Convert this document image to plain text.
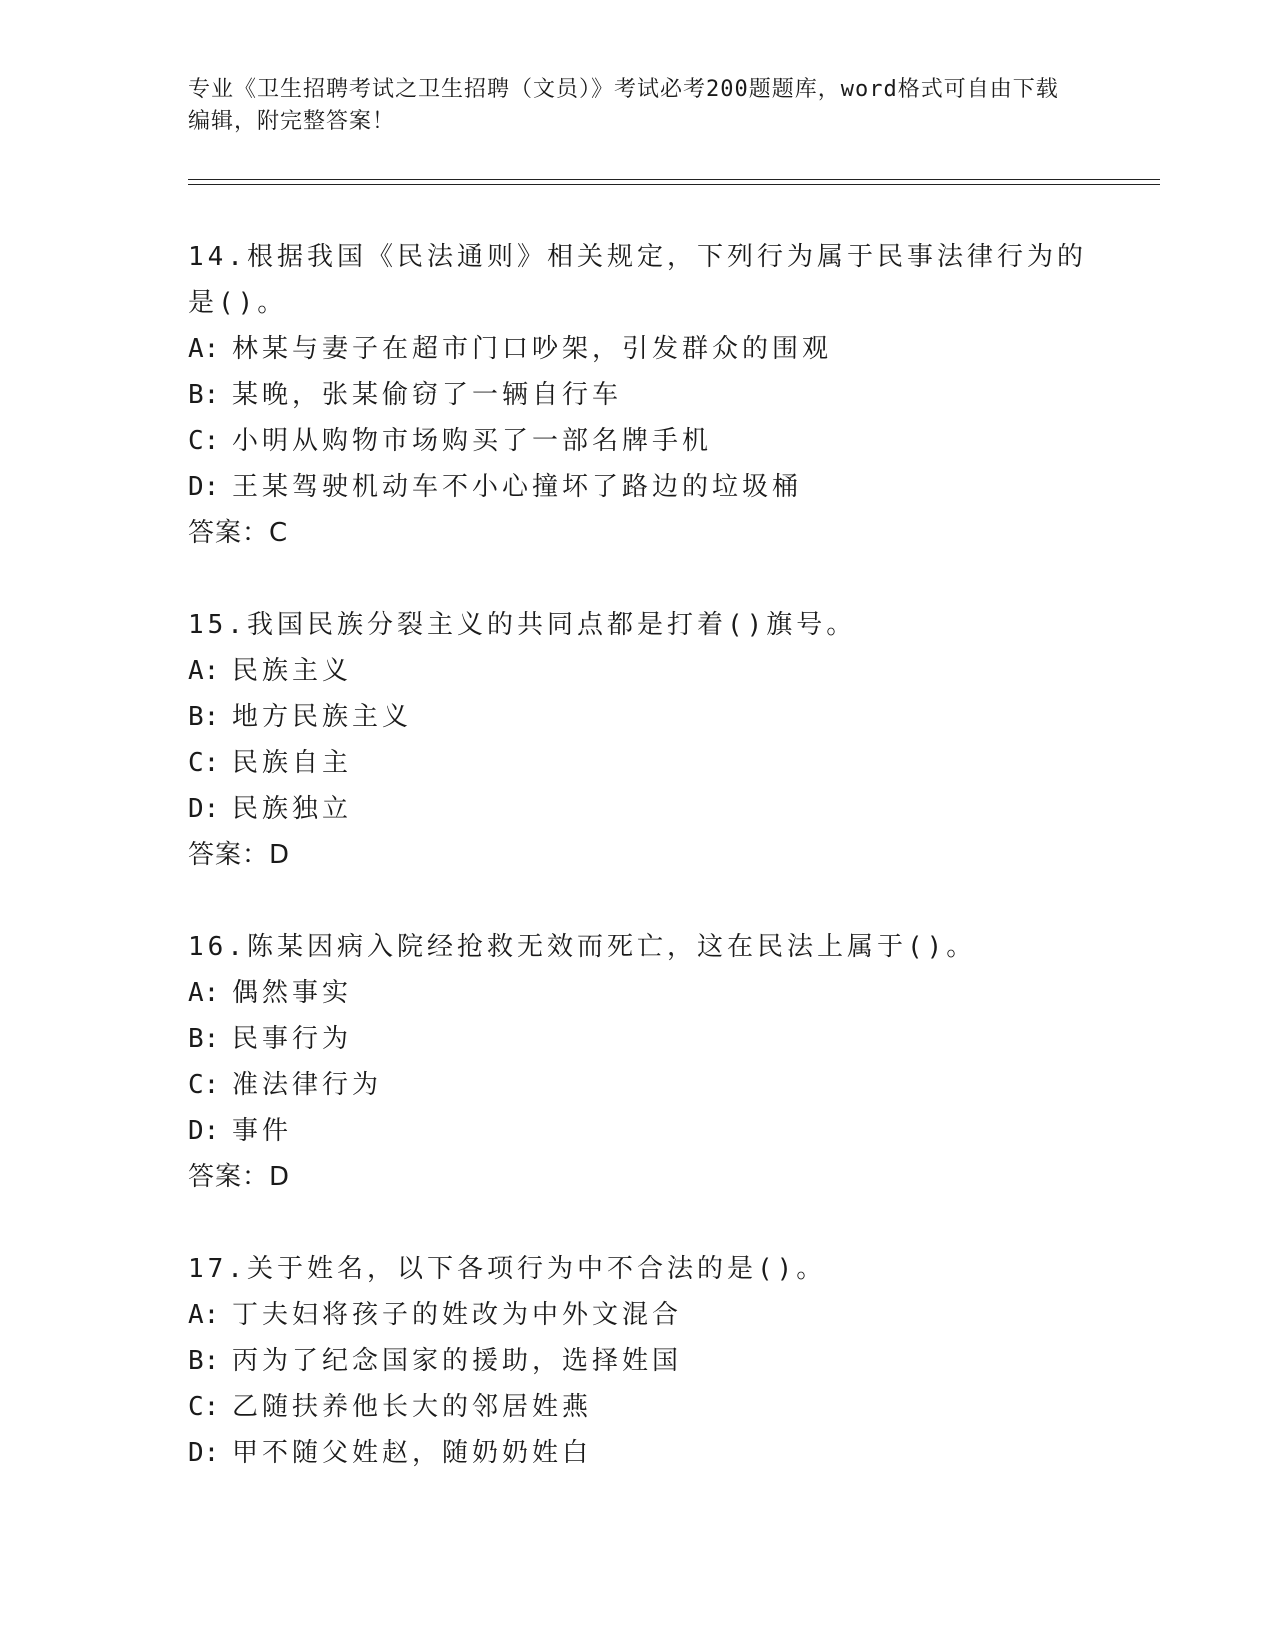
专业《卫生招聘考试之卫生招聘（文员）》考试必考200题题库，word格式可自由下载编辑，附完整答案！
14.根据我国《民法通则》相关规定，下列行为属于民事法律行为的是()。
A: 林某与妻子在超市门口吵架，引发群众的围观
B: 某晚，张某偷窃了一辆自行车
C: 小明从购物市场购买了一部名牌手机
D: 王某驾驶机动车不小心撞坏了路边的垃圾桶
答案：C
15.我国民族分裂主义的共同点都是打着()旗号。
A: 民族主义
B: 地方民族主义
C: 民族自主
D: 民族独立
答案：D
16.陈某因病入院经抢救无效而死亡，这在民法上属于()。
A: 偶然事实
B: 民事行为
C: 准法律行为
D: 事件
答案：D
17.关于姓名，以下各项行为中不合法的是()。
A: 丁夫妇将孩子的姓改为中外文混合
B: 丙为了纪念国家的援助，选择姓国
C: 乙随扶养他长大的邻居姓燕
D: 甲不随父姓赵，随奶奶姓白
